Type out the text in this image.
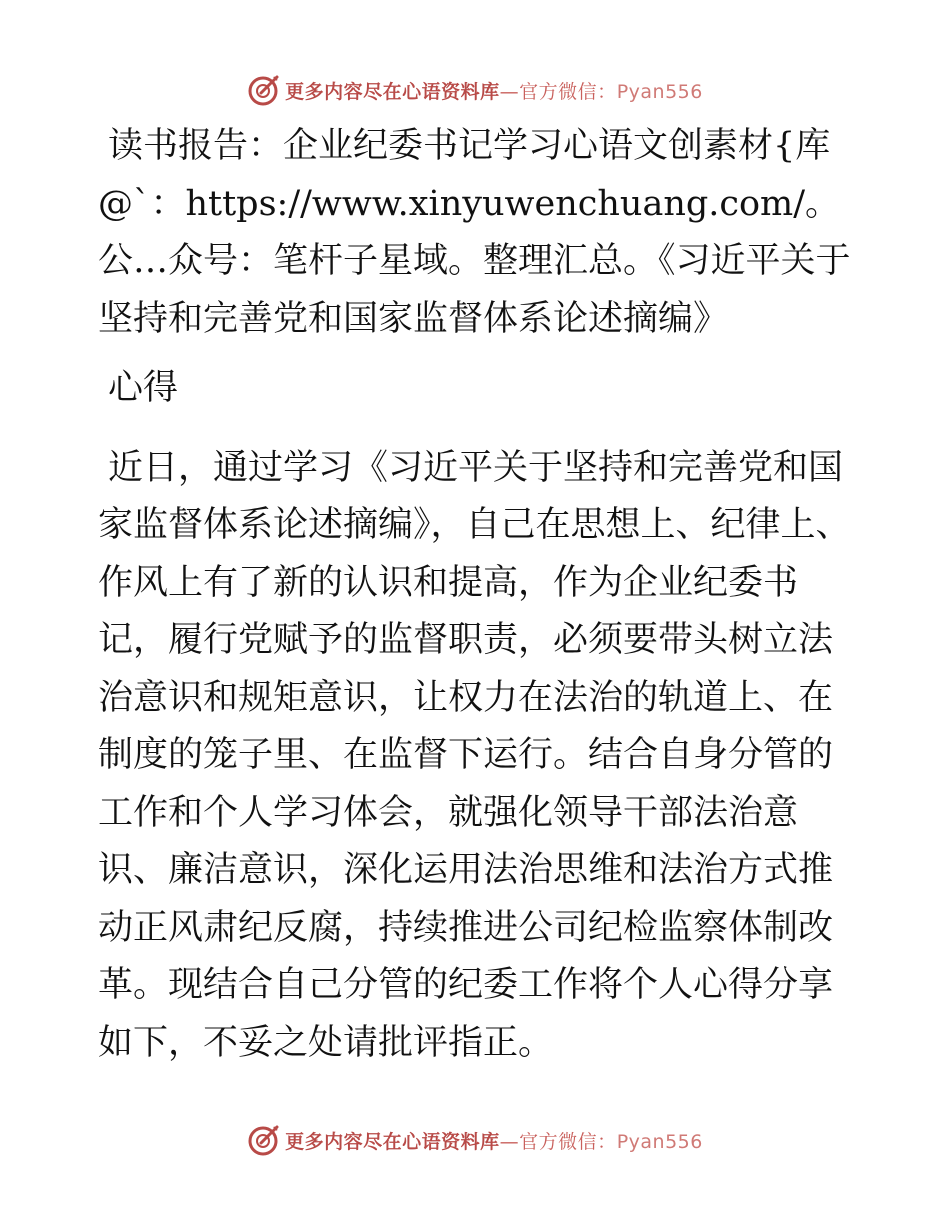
更多内容尽在心语资料库—官方微信：Pyan556

读书报告：企业纪委书记学习心语文创素材{库@`：https://www.xinyuwenchuang.com/。公…众号：笔杆子星域。整理汇总。《习近平关于坚持和完善党和国家监督体系论述摘编》

心得

近日，通过学习《习近平关于坚持和完善党和国家监督体系论述摘编》，自己在思想上、纪律上、作风上有了新的认识和提高，作为企业纪委书记，履行党赋予的监督职责，必须要带头树立法治意识和规矩意识，让权力在法治的轨道上、在制度的笼子里、在监督下运行。结合自身分管的工作和个人学习体会，就强化领导干部法治意识、廉洁意识，深化运用法治思维和法治方式推动正风肃纪反腐，持续推进公司纪检监察体制改革。现结合自己分管的纪委工作将个人心得分享如下，不妥之处请批评指正。

更多内容尽在心语资料库—官方微信：Pyan556
